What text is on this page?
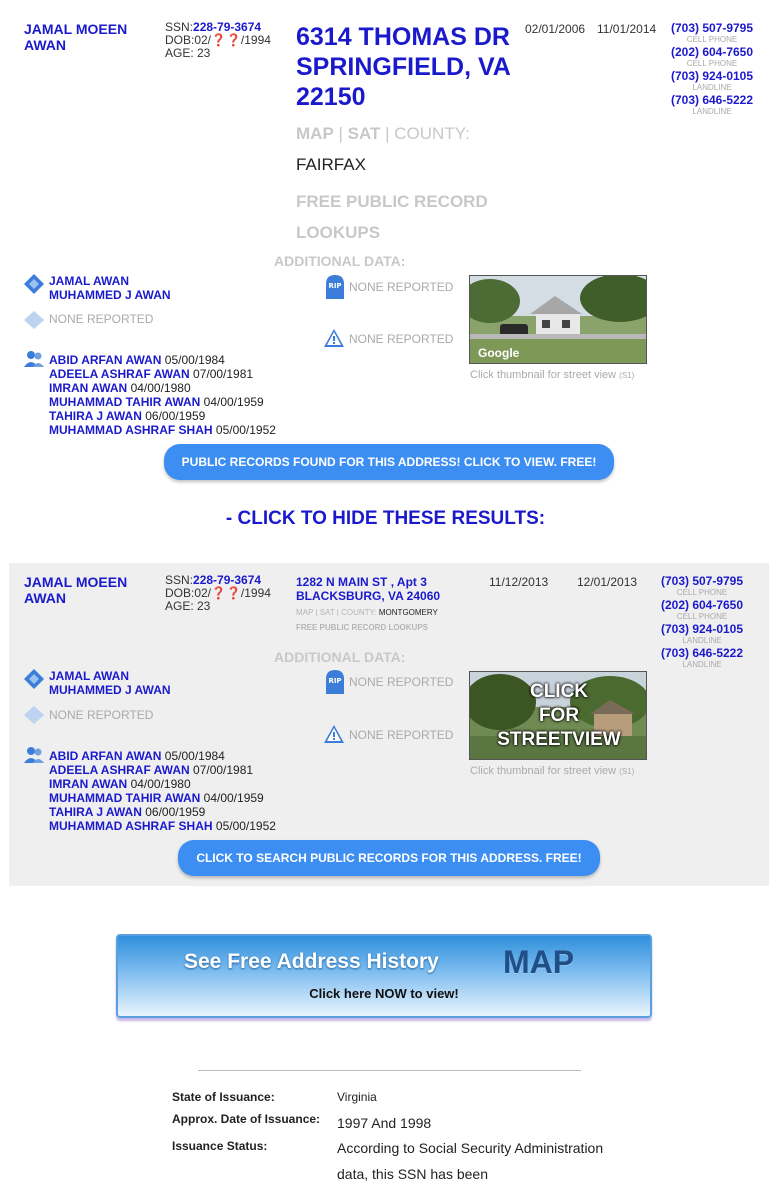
JAMAL MOEEN
AWAN
SSN:228-79-3674
DOB:02/❓❓/1994
AGE: 23
6314 THOMAS DR
SPRINGFIELD, VA
22150
MAP | SAT | COUNTY:
FAIRFAX
FREE PUBLIC RECORD
LOOKUPS
02/01/2006 11/01/2014	(703) 507-9795
CELL PHONE
(202) 604-7650
CELL PHONE
(703) 924-0105
LANDLINE
(703) 646-5222
LANDLINE
ADDITIONAL DATA:
JAMAL AWAN
MUHAMMED J AWAN
NONE REPORTED
ABID ARFAN AWAN 05/00/1984
ADEELA ASHRAF AWAN 07/00/1981
IMRAN AWAN 04/00/1980
MUHAMMAD TAHIR AWAN 04/00/1959
TAHIRA J AWAN 06/00/1959
MUHAMMAD ASHRAF SHAH 05/00/1952
RIP NONE REPORTED
NONE REPORTED
Google
Click thumbnail for street view (S1)
PUBLIC RECORDS FOUND FOR THIS ADDRESS! CLICK TO VIEW. FREE!
- CLICK TO HIDE THESE RESULTS:
JAMAL MOEEN
AWAN
SSN:228-79-3674
DOB:02/❓❓/1994
AGE: 23
1282 N MAIN ST , Apt 3
BLACKSBURG, VA 24060
MAP | SAT | COUNTY: MONTGOMERY
FREE PUBLIC RECORD LOOKUPS
11/12/2013 12/01/2013	(703) 507-9795
CELL PHONE
(202) 604-7650
CELL PHONE
(703) 924-0105
LANDLINE
(703) 646-5222
LANDLINE
ADDITIONAL DATA:
JAMAL AWAN
MUHAMMED J AWAN
NONE REPORTED
ABID ARFAN AWAN 05/00/1984
ADEELA ASHRAF AWAN 07/00/1981
IMRAN AWAN 04/00/1980
MUHAMMAD TAHIR AWAN 04/00/1959
TAHIRA J AWAN 06/00/1959
MUHAMMAD ASHRAF SHAH 05/00/1952
RIP NONE REPORTED
NONE REPORTED
CLICK
FOR
STREETVIEW
Click thumbnail for street view (S1)
CLICK TO SEARCH PUBLIC RECORDS FOR THIS ADDRESS. FREE!
See Free Address History MAP
Click here NOW to view!
State of Issuance:	Virginia
Approx. Date of Issuance:	1997 And 1998
Issuance Status:	According to Social Security Administration data, this SSN has been
